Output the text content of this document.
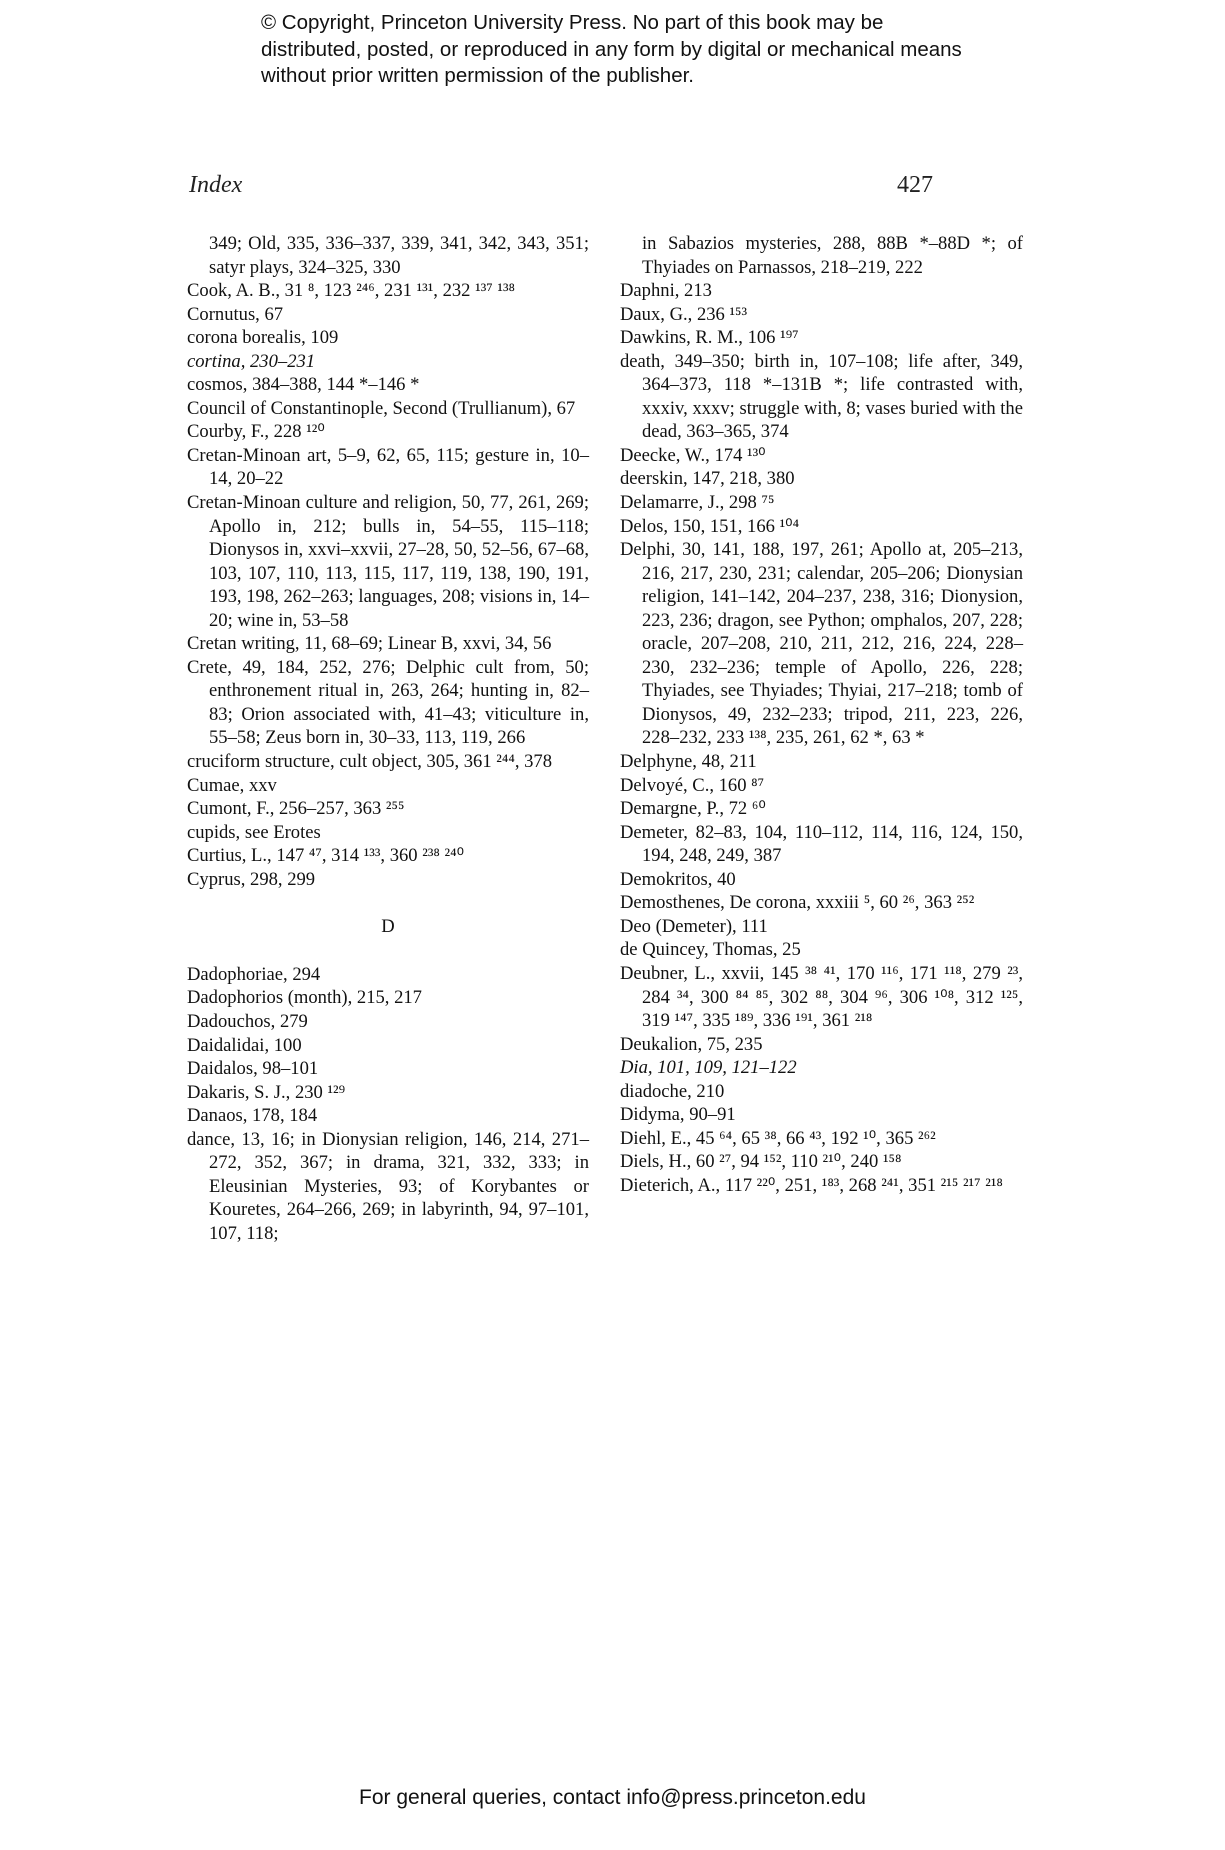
© Copyright, Princeton University Press. No part of this book may be distributed, posted, or reproduced in any form by digital or mechanical means without prior written permission of the publisher.
Index	427

349; Old, 335, 336–337, 339, 341, 342, 343, 351; satyr plays, 324–325, 330

Cook, A. B., 31 ⁸, 123 ²⁴⁶, 231 ¹³¹, 232 ¹³⁷ ¹³⁸

Cornutus, 67

corona borealis, 109

cortina, 230–231

cosmos, 384–388, 144 *–146 *

Council of Constantinople, Second (Trullianum), 67

Courby, F., 228 ¹²⁰

Cretan-Minoan art, 5–9, 62, 65, 115; gesture in, 10–14, 20–22

Cretan-Minoan culture and religion, 50, 77, 261, 269; Apollo in, 212; bulls in, 54–55, 115–118; Dionysos in, xxvi–xxvii, 27–28, 50, 52–56, 67–68, 103, 107, 110, 113, 115, 117, 119, 138, 190, 191, 193, 198, 262–263; languages, 208; visions in, 14–20; wine in, 53–58

Cretan writing, 11, 68–69; Linear B, xxvi, 34, 56

Crete, 49, 184, 252, 276; Delphic cult from, 50; enthronement ritual in, 263, 264; hunting in, 82–83; Orion associated with, 41–43; viticulture in, 55–58; Zeus born in, 30–33, 113, 119, 266

cruciform structure, cult object, 305, 361 ²⁴⁴, 378

Cumae, xxv

Cumont, F., 256–257, 363 ²⁵⁵

cupids, see Erotes

Curtius, L., 147 ⁴⁷, 314 ¹³³, 360 ²³⁸ ²⁴⁰

Cyprus, 298, 299

D

Dadophoriae, 294

Dadophorios (month), 215, 217

Dadouchos, 279

Daidalidai, 100

Daidalos, 98–101

Dakaris, S. J., 230 ¹²⁹

Danaos, 178, 184

dance, 13, 16; in Dionysian religion, 146, 214, 271–272, 352, 367; in drama, 321, 332, 333; in Eleusinian Mysteries, 93; of Korybantes or Kouretes, 264–266, 269; in labyrinth, 94, 97–101, 107, 118;

in Sabazios mysteries, 288, 88B *–88D *; of Thyiades on Parnassos, 218–219, 222

Daphni, 213

Daux, G., 236 ¹⁵³

Dawkins, R. M., 106 ¹⁹⁷

death, 349–350; birth in, 107–108; life after, 349, 364–373, 118 *–131B *; life contrasted with, xxxiv, xxxv; struggle with, 8; vases buried with the dead, 363–365, 374

Deecke, W., 174 ¹³⁰

deerskin, 147, 218, 380

Delamarre, J., 298 ⁷⁵

Delos, 150, 151, 166 ¹⁰⁴

Delphi, 30, 141, 188, 197, 261; Apollo at, 205–213, 216, 217, 230, 231; calendar, 205–206; Dionysian religion, 141–142, 204–237, 238, 316; Dionysion, 223, 236; dragon, see Python; omphalos, 207, 228; oracle, 207–208, 210, 211, 212, 216, 224, 228–230, 232–236; temple of Apollo, 226, 228; Thyiades, see Thyiades; Thyiai, 217–218; tomb of Dionysos, 49, 232–233; tripod, 211, 223, 226, 228–232, 233 ¹³⁸, 235, 261, 62 *, 63 *

Delphyne, 48, 211

Delvoyé, C., 160 ⁸⁷

Demargne, P., 72 ⁶⁰

Demeter, 82–83, 104, 110–112, 114, 116, 124, 150, 194, 248, 249, 387

Demokritos, 40

Demosthenes, De corona, xxxiii ⁵, 60 ²⁶, 363 ²⁵²

Deo (Demeter), 111

de Quincey, Thomas, 25

Deubner, L., xxvii, 145 ³⁸ ⁴¹, 170 ¹¹⁶, 171 ¹¹⁸, 279 ²³, 284 ³⁴, 300 ⁸⁴ ⁸⁵, 302 ⁸⁸, 304 ⁹⁶, 306 ¹⁰⁸, 312 ¹²⁵, 319 ¹⁴⁷, 335 ¹⁸⁹, 336 ¹⁹¹, 361 ²¹⁸

Deukalion, 75, 235

Dia, 101, 109, 121–122

diadoche, 210

Didyma, 90–91

Diehl, E., 45 ⁶⁴, 65 ³⁸, 66 ⁴³, 192 ¹⁰, 365 ²⁶²

Diels, H., 60 ²⁷, 94 ¹⁵², 110 ²¹⁰, 240 ¹⁵⁸

Dieterich, A., 117 ²²⁰, 251, ¹⁸³, 268 ²⁴¹, 351 ²¹⁵ ²¹⁷ ²¹⁸

For general queries, contact info@press.princeton.edu
